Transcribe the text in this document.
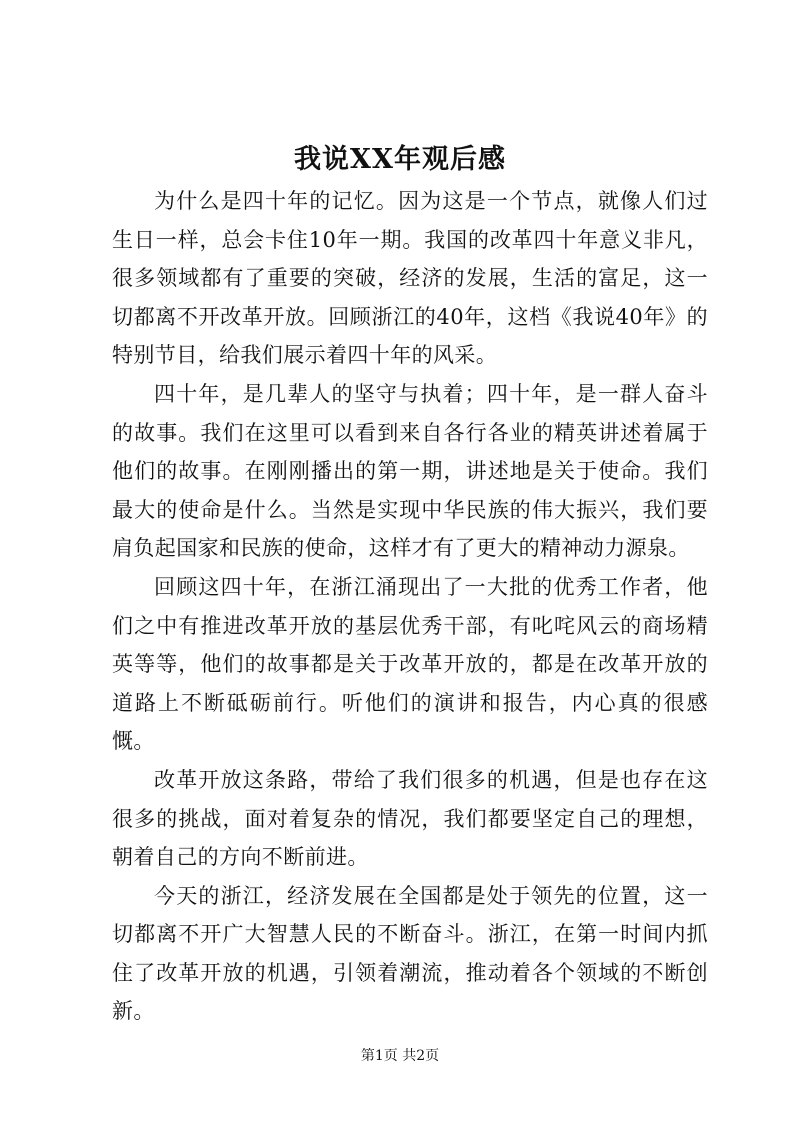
我说XX年观后感

为什么是四十年的记忆。因为这是一个节点，就像人们过生日一样，总会卡住10年一期。我国的改革四十年意义非凡，很多领域都有了重要的突破，经济的发展，生活的富足，这一切都离不开改革开放。回顾浙江的40年，这档《我说40年》的特别节目，给我们展示着四十年的风采。

四十年，是几辈人的坚守与执着；四十年，是一群人奋斗的故事。我们在这里可以看到来自各行各业的精英讲述着属于他们的故事。在刚刚播出的第一期，讲述地是关于使命。我们最大的使命是什么。当然是实现中华民族的伟大振兴，我们要肩负起国家和民族的使命，这样才有了更大的精神动力源泉。

回顾这四十年，在浙江涌现出了一大批的优秀工作者，他们之中有推进改革开放的基层优秀干部，有叱咤风云的商场精英等等，他们的故事都是关于改革开放的，都是在改革开放的道路上不断砥砺前行。听他们的演讲和报告，内心真的很感慨。

改革开放这条路，带给了我们很多的机遇，但是也存在这很多的挑战，面对着复杂的情况，我们都要坚定自己的理想，朝着自己的方向不断前进。

今天的浙江，经济发展在全国都是处于领先的位置，这一切都离不开广大智慧人民的不断奋斗。浙江，在第一时间内抓住了改革开放的机遇，引领着潮流，推动着各个领域的不断创新。

第1页 共2页
